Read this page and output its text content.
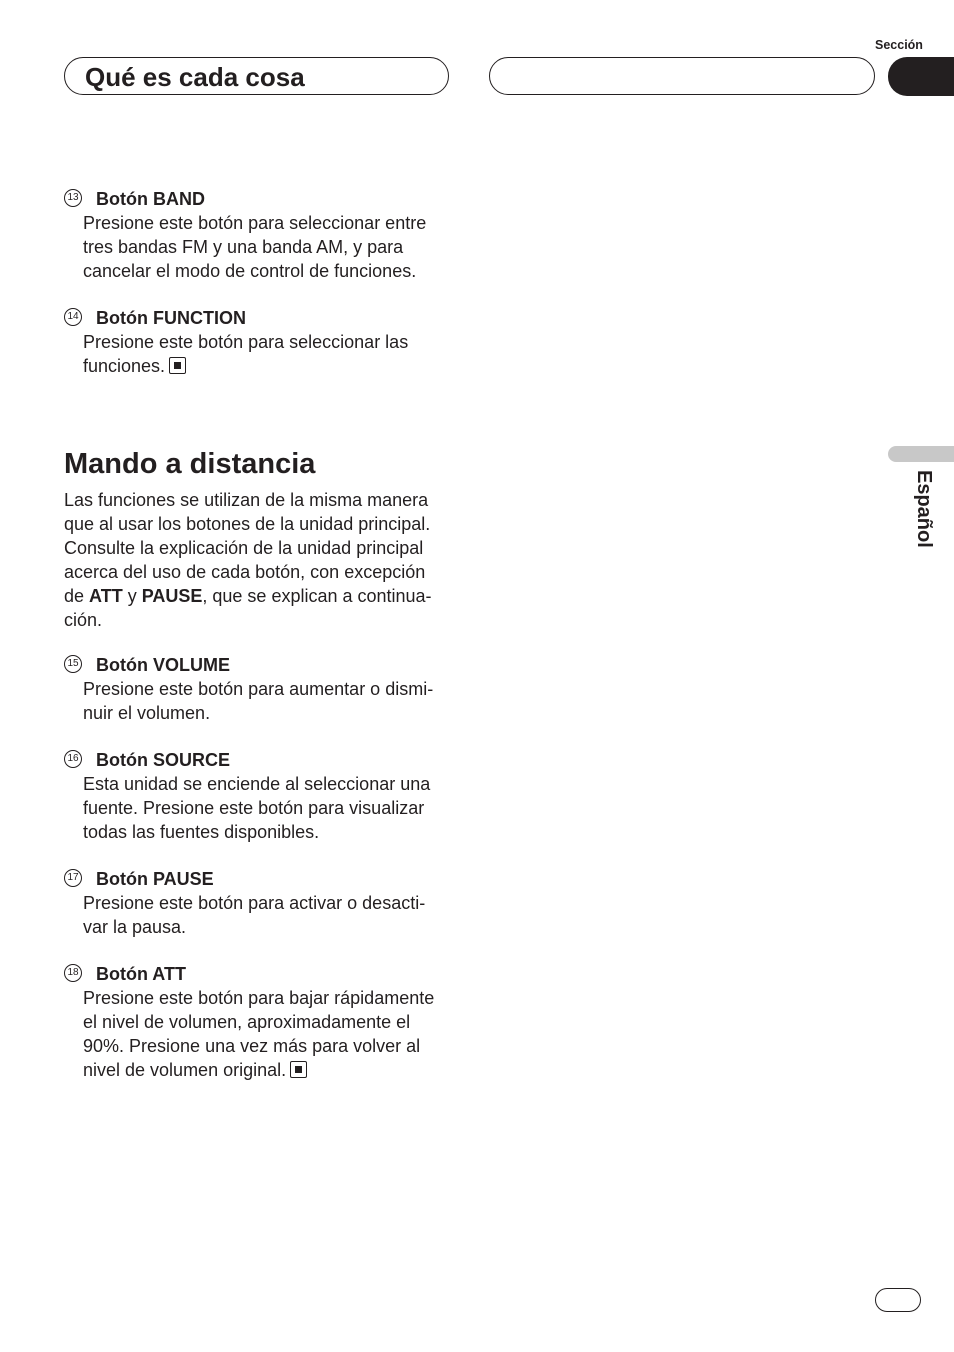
Sección
Qué es cada cosa
Español
13 Botón BAND
Presione este botón para seleccionar entre
tres bandas FM y una banda AM, y para
cancelar el modo de control de funciones.
14 Botón FUNCTION
Presione este botón para seleccionar las
funciones.
Mando a distancia
Las funciones se utilizan de la misma manera
que al usar los botones de la unidad principal.
Consulte la explicación de la unidad principal
acerca del uso de cada botón, con excepción
de ATT y PAUSE, que se explican a continua-
ción.
15 Botón VOLUME
Presione este botón para aumentar o dismi-
nuir el volumen.
16 Botón SOURCE
Esta unidad se enciende al seleccionar una
fuente. Presione este botón para visualizar
todas las fuentes disponibles.
17 Botón PAUSE
Presione este botón para activar o desacti-
var la pausa.
18 Botón ATT
Presione este botón para bajar rápidamente
el nivel de volumen, aproximadamente el
90%. Presione una vez más para volver al
nivel de volumen original.
